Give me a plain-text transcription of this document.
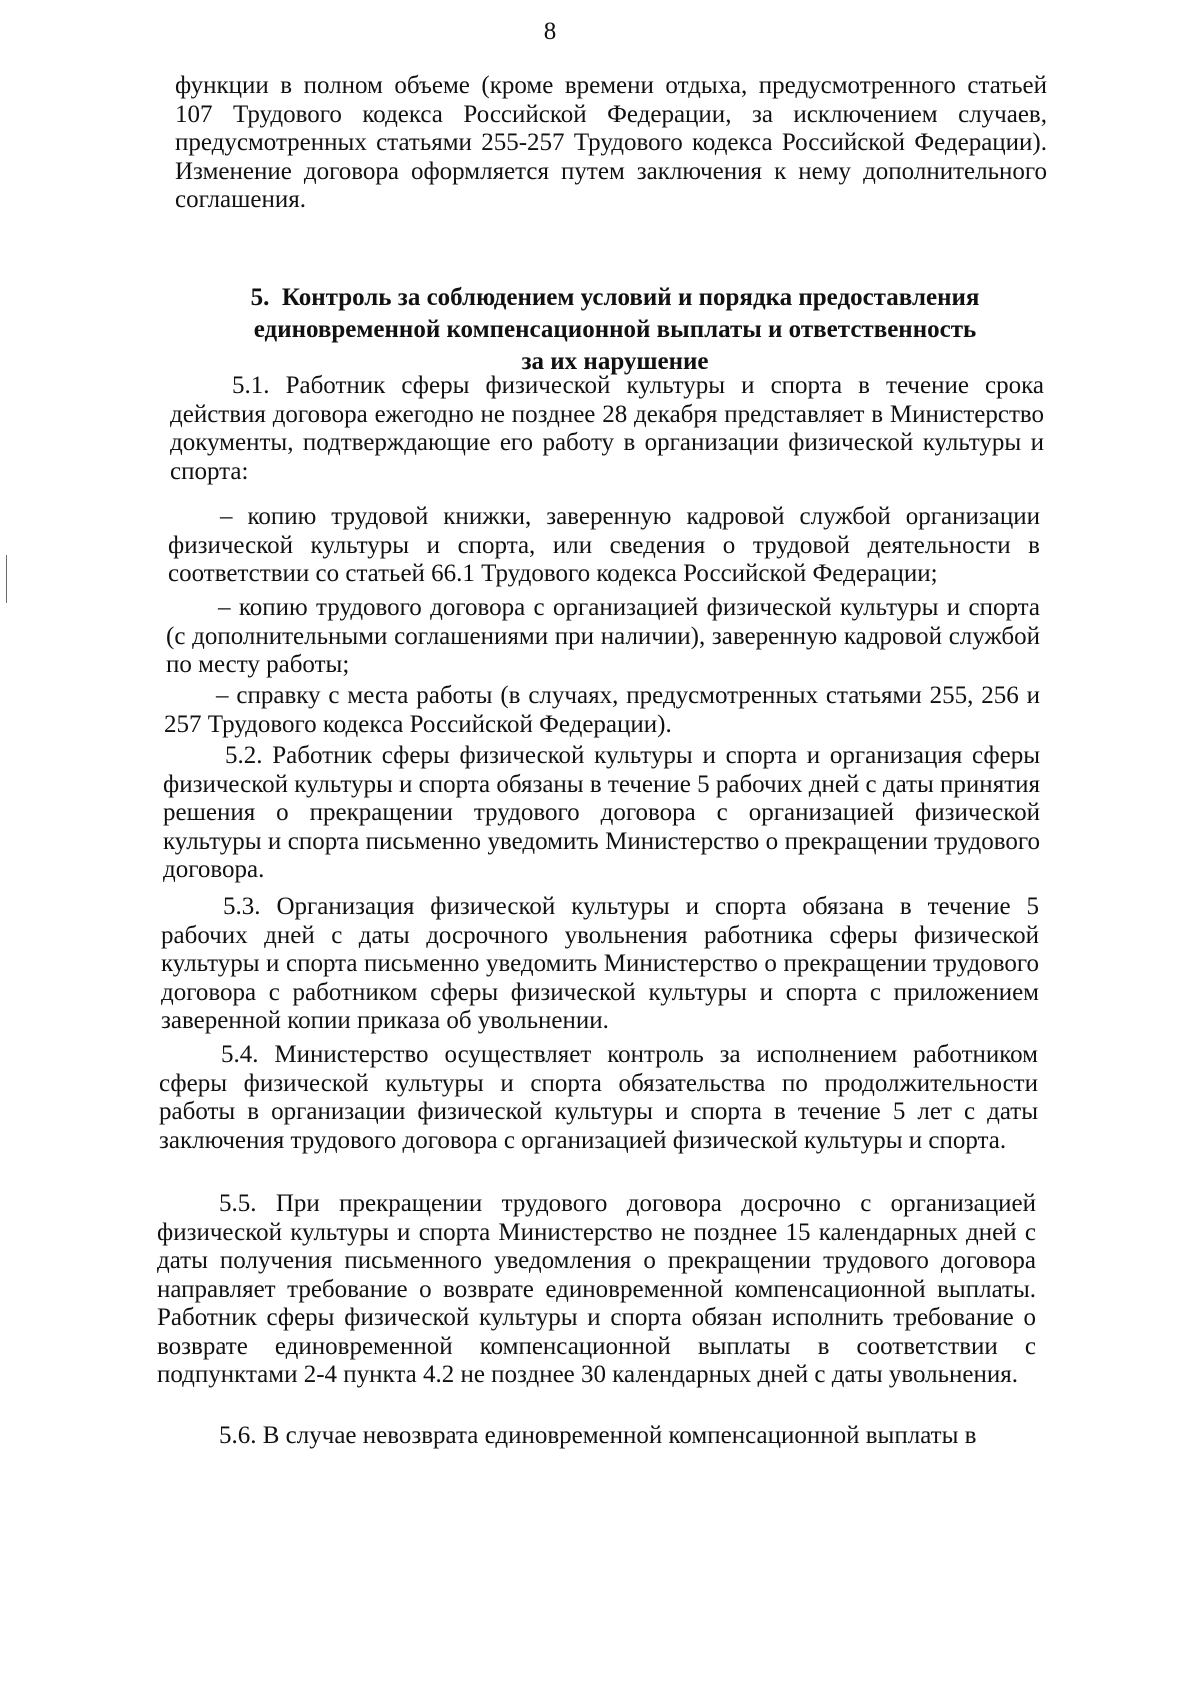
8

функции в полном объеме (кроме времени отдыха, предусмотренного статьей 107 Трудового кодекса Российской Федерации, за исключением случаев, предусмотренных статьями 255-257 Трудового кодекса Российской Федерации). Изменение договора оформляется путем заключения к нему дополнительного соглашения.

5. Контроль за соблюдением условий и порядка предоставления
единовременной компенсационной выплаты и ответственность
за их нарушение

5.1. Работник сферы физической культуры и спорта в течение срока действия договора ежегодно не позднее 28 декабря представляет в Министерство документы, подтверждающие его работу в организации физической культуры и спорта:

– копию трудовой книжки, заверенную кадровой службой организации физической культуры и спорта, или сведения о трудовой деятельности в соответствии со статьей 66.1 Трудового кодекса Российской Федерации;

– копию трудового договора с организацией физической культуры и спорта (с дополнительными соглашениями при наличии), заверенную кадровой службой по месту работы;

– справку с места работы (в случаях, предусмотренных статьями 255, 256 и 257 Трудового кодекса Российской Федерации).

5.2. Работник сферы физической культуры и спорта и организация сферы физической культуры и спорта обязаны в течение 5 рабочих дней с даты принятия решения о прекращении трудового договора с организацией физической культуры и спорта письменно уведомить Министерство о прекращении трудового договора.

5.3. Организация физической культуры и спорта обязана в течение 5 рабочих дней с даты досрочного увольнения работника сферы физической культуры и спорта письменно уведомить Министерство о прекращении трудового договора с работником сферы физической культуры и спорта с приложением заверенной копии приказа об увольнении.

5.4. Министерство осуществляет контроль за исполнением работником сферы физической культуры и спорта обязательства по продолжительности работы в организации физической культуры и спорта в течение 5 лет с даты заключения трудового договора с организацией физической культуры и спорта.

5.5. При прекращении трудового договора досрочно с организацией физической культуры и спорта Министерство не позднее 15 календарных дней с даты получения письменного уведомления о прекращении трудового договора направляет требование о возврате единовременной компенсационной выплаты. Работник сферы физической культуры и спорта обязан исполнить требование о возврате единовременной компенсационной выплаты в соответствии с подпунктами 2-4 пункта 4.2 не позднее 30 календарных дней с даты увольнения.

5.6. В случае невозврата единовременной компенсационной выплаты в
